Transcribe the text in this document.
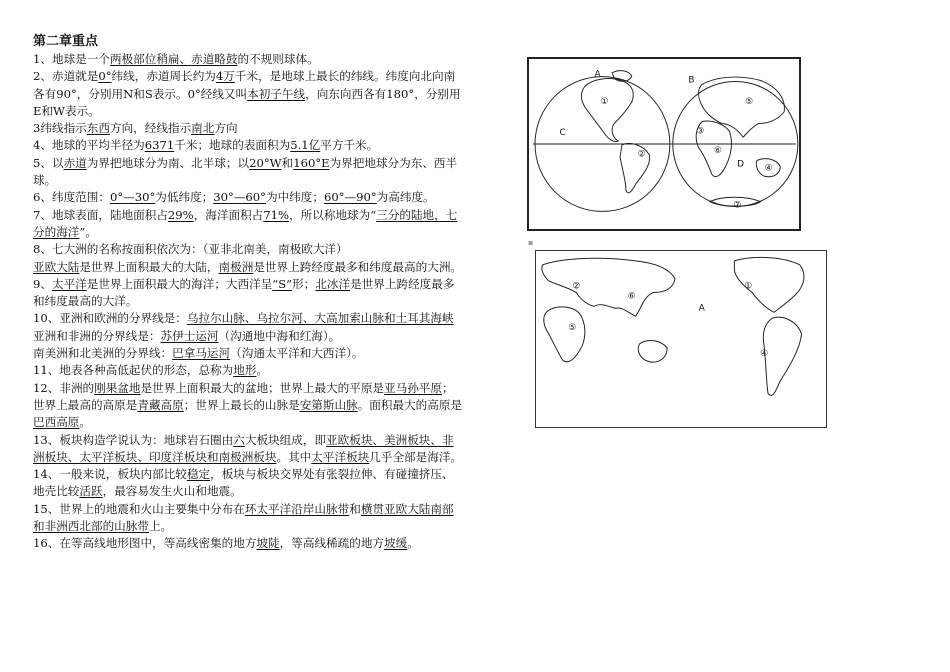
第二章重点

1、地球是一个两极部位稍扁、赤道略鼓的不规则球体。

2、赤道就是0°纬线，赤道周长约为4万千米，是地球上最长的纬线。纬度向北向南各有90°，分别用N和S表示。0°经线又叫本初子午线，向东向西各有180°，分别用E和W表示。

3纬线指示东西方向，经线指示南北方向

4、地球的平均半径为6371千米；地球的表面积为5.1亿平方千米。

5、以赤道为界把地球分为南、北半球；以20°W和160°E为界把地球分为东、西半球。

6、纬度范围：0°—30°为低纬度；30°—60°为中纬度；60°—90°为高纬度。

7、地球表面，陆地面积占29%，海洋面积占71%，所以称地球为“三分的陆地，七分的海洋”。

8、七大洲的名称按面积依次为：（亚非北南美，南极欧大洋）

亚欧大陆是世界上面积最大的大陆，南极洲是世界上跨经度最多和纬度最高的大洲。

9、太平洋是世界上面积最大的海洋；大西洋呈“S”形；北冰洋是世界上跨经度最多和纬度最高的大洋。

10、亚洲和欧洲的分界线是：乌拉尔山脉、乌拉尔河、大高加索山脉和土耳其海峡

亚洲和非洲的分界线是：苏伊士运河（沟通地中海和红海）。

南美洲和北美洲的分界线：巴拿马运河（沟通太平洋和大西洋）。

11、地表各种高低起伏的形态，总称为地形。

12、非洲的刚果盆地是世界上面积最大的盆地；世界上最大的平原是亚马孙平原；世界上最高的高原是青藏高原；世界上最长的山脉是安第斯山脉。面积最大的高原是巴西高原。

13、板块构造学说认为：地球岩石圈由六大板块组成，即亚欧板块、美洲板块、非洲板块、太平洋板块、印度洋板块和南极洲板块。其中太平洋板块几乎全部是海洋。

14、一般来说，板块内部比较稳定，板块与板块交界处有张裂拉伸、有碰撞挤压、地壳比较活跃，最容易发生火山和地震。

15、世界上的地震和火山主要集中分布在环太平洋沿岸山脉带和横贯亚欧大陆南部和非洲西北部的山脉带上。

16、在等高线地形图中，等高线密集的地方坡陡，等高线稀疏的地方坡缓。

A
①
C
②
B
⑤
③
⑥
D ④
⑦
▪
②
⑥
⑤
①
A
④
